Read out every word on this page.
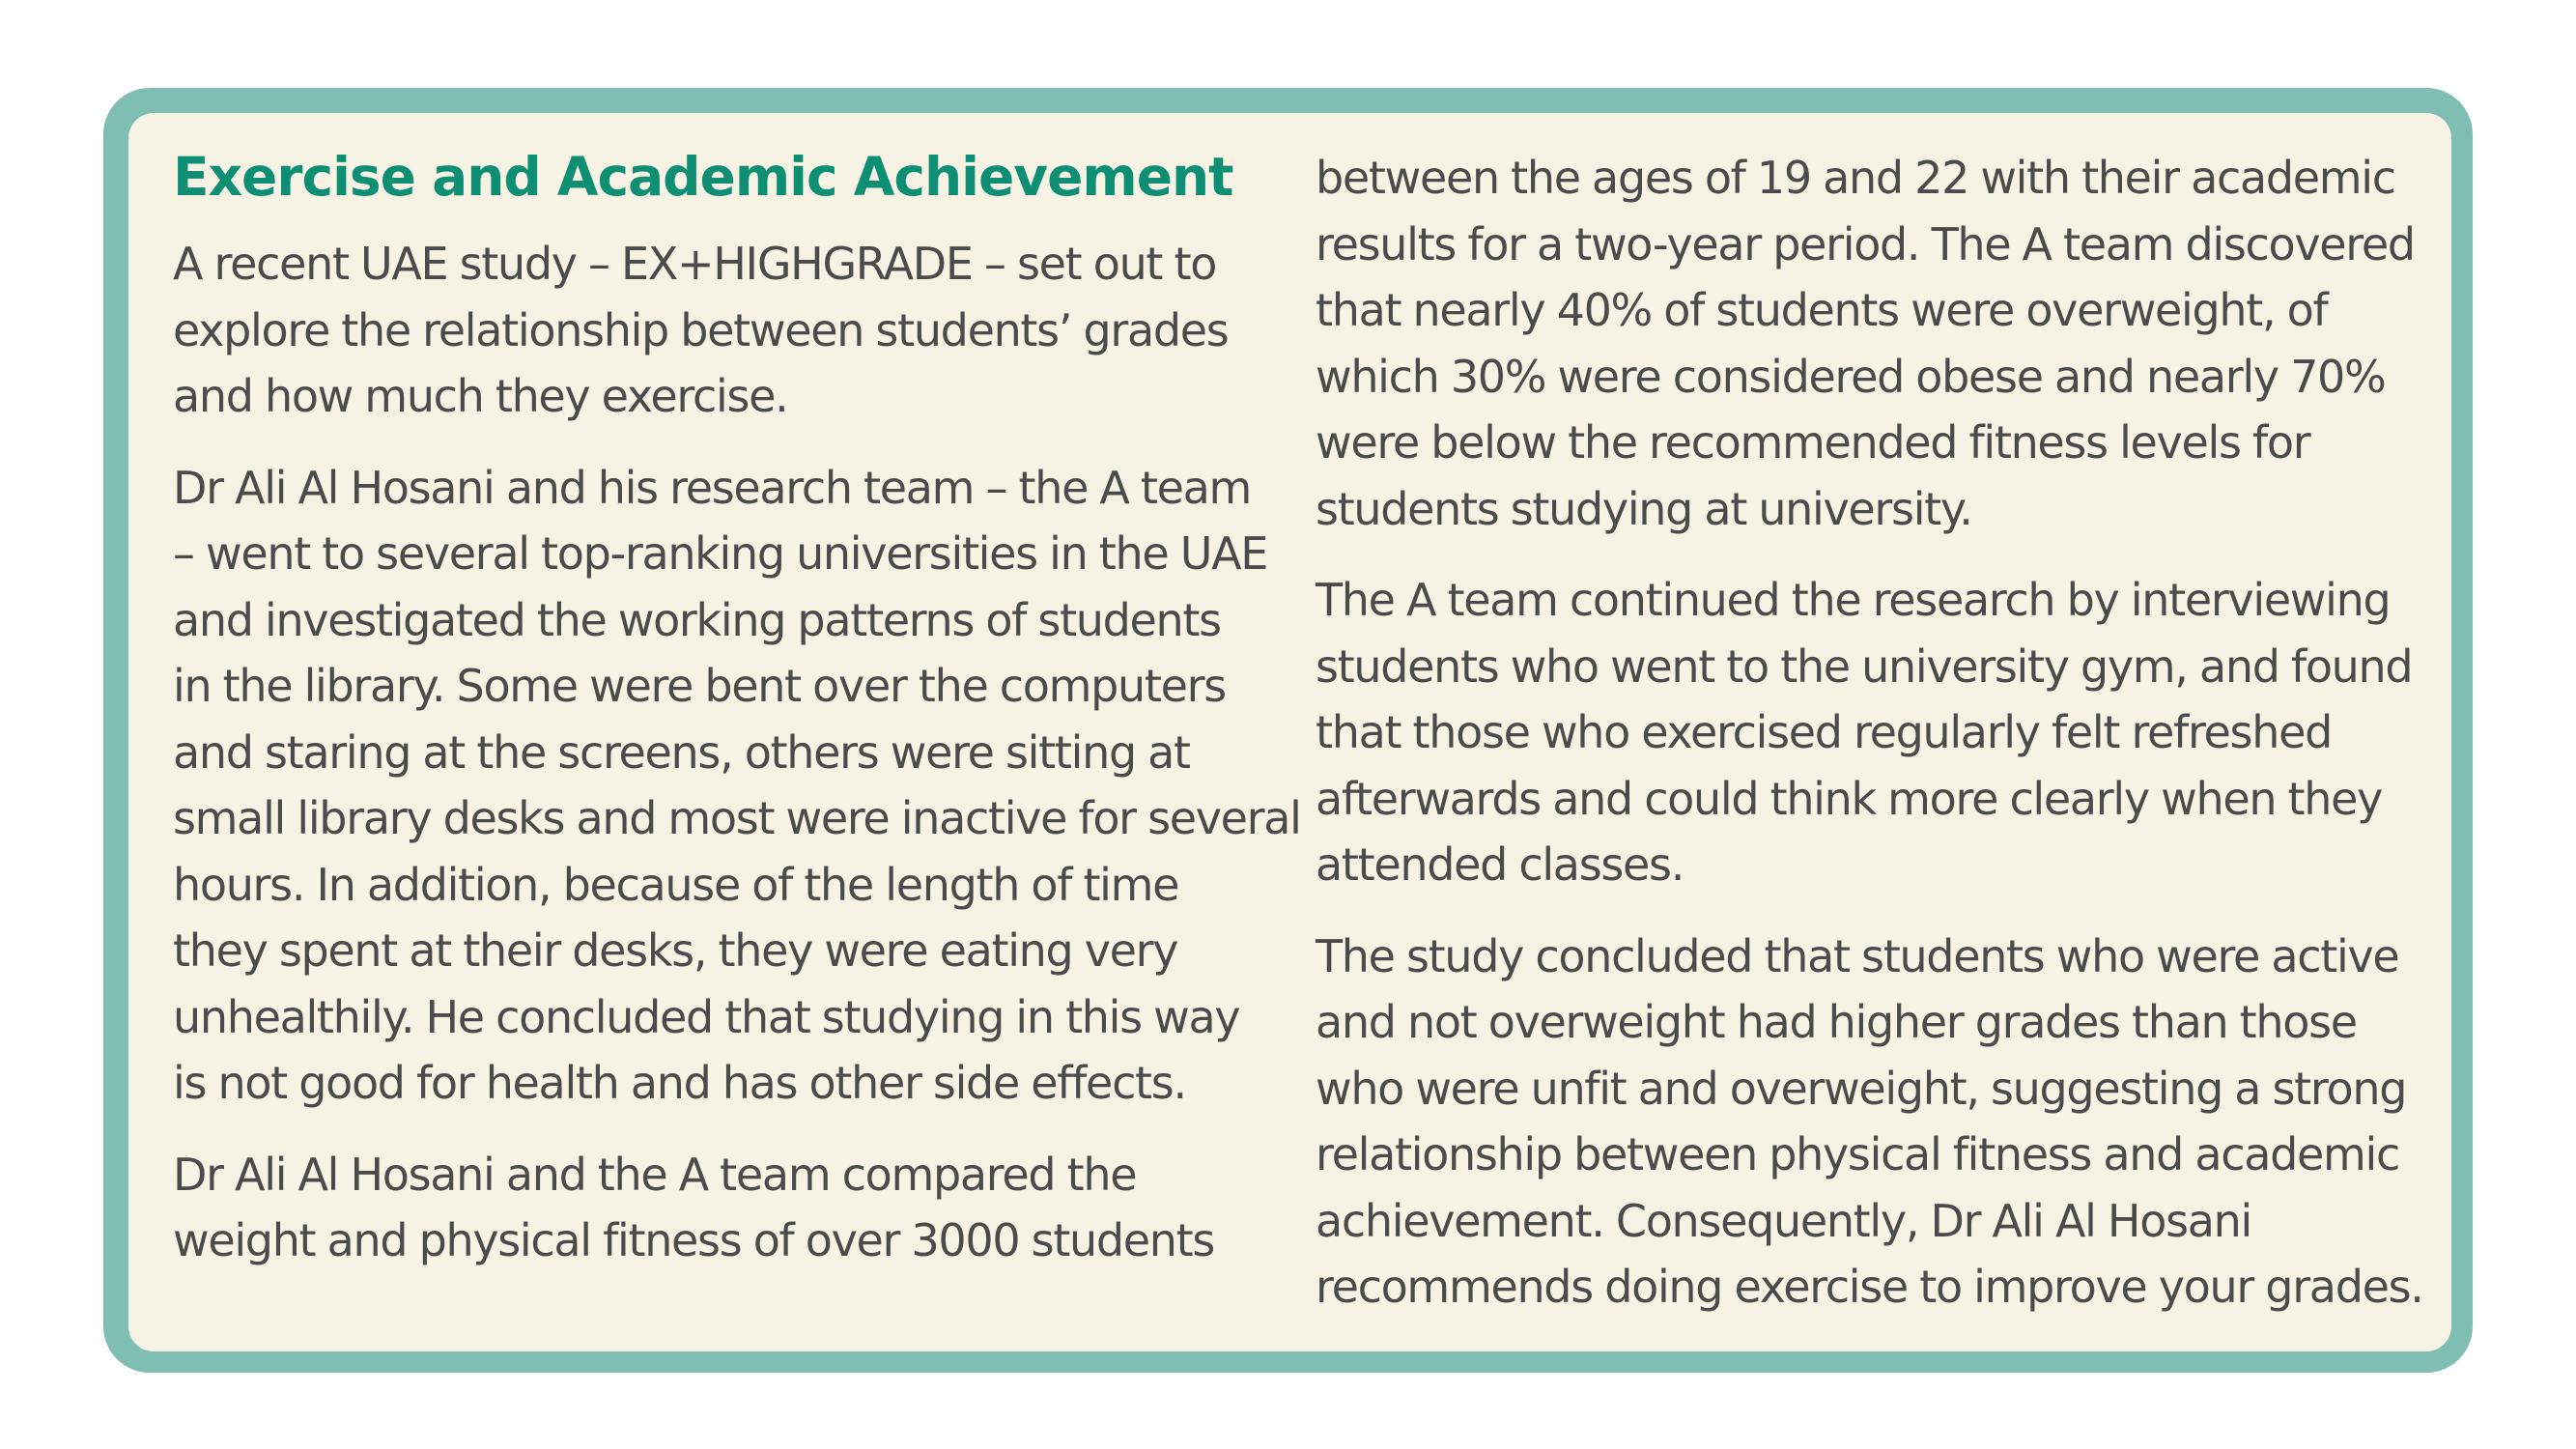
Exercise and Academic Achievement
A recent UAE study – EX+HIGHGRADE – set out to
explore the relationship between students’ grades
and how much they exercise.
Dr Ali Al Hosani and his research team – the A team
– went to several top-ranking universities in the UAE
and investigated the working patterns of students
in the library. Some were bent over the computers
and staring at the screens, others were sitting at
small library desks and most were inactive for several
hours. In addition, because of the length of time
they spent at their desks, they were eating very
unhealthily. He concluded that studying in this way
is not good for health and has other side effects.
Dr Ali Al Hosani and the A team compared the
weight and physical fitness of over 3000 students
between the ages of 19 and 22 with their academic
results for a two-year period. The A team discovered
that nearly 40% of students were overweight, of
which 30% were considered obese and nearly 70%
were below the recommended fitness levels for
students studying at university.
The A team continued the research by interviewing
students who went to the university gym, and found
that those who exercised regularly felt refreshed
afterwards and could think more clearly when they
attended classes.
The study concluded that students who were active
and not overweight had higher grades than those
who were unfit and overweight, suggesting a strong
relationship between physical fitness and academic
achievement. Consequently, Dr Ali Al Hosani
recommends doing exercise to improve your grades.
